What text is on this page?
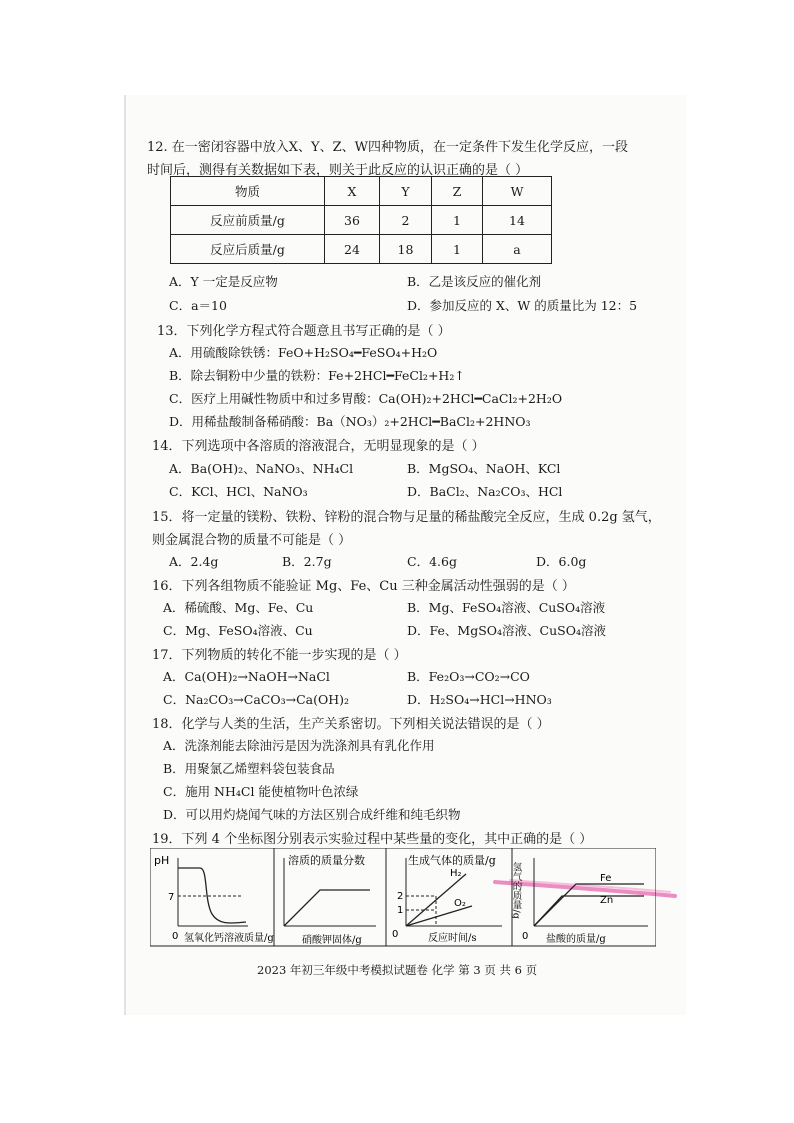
12. 在一密闭容器中放入X、Y、Z、W四种物质，在一定条件下发生化学反应，一段
时间后，测得有关数据如下表，则关于此反应的认识正确的是（ ）
物质	X	Y	Z	W
反应前质量/g	36	2	1	14
反应后质量/g	24	18	1	a
A．Y 一定是反应物	B．乙是该反应的催化剂
C．a＝10	D．参加反应的 X、W 的质量比为 12：5
13．下列化学方程式符合题意且书写正确的是（ ）
A．用硫酸除铁锈：FeO+H₂SO₄━FeSO₄+H₂O
B．除去铜粉中少量的铁粉：Fe+2HCl━FeCl₂+H₂↑
C．医疗上用碱性物质中和过多胃酸：Ca(OH)₂+2HCl━CaCl₂+2H₂O
D．用稀盐酸制备稀硝酸：Ba（NO₃）₂+2HCl━BaCl₂+2HNO₃
14．下列选项中各溶质的溶液混合，无明显现象的是（ ）
A．Ba(OH)₂、NaNO₃、NH₄Cl	B．MgSO₄、NaOH、KCl
C．KCl、HCl、NaNO₃	D．BaCl₂、Na₂CO₃、HCl
15．将一定量的镁粉、铁粉、锌粉的混合物与足量的稀盐酸完全反应，生成 0.2g 氢气，
则金属混合物的质量不可能是（ ）
A．2.4g	B．2.7g	C．4.6g	D．6.0g
16．下列各组物质不能验证 Mg、Fe、Cu 三种金属活动性强弱的是（ ）
A．稀硫酸、Mg、Fe、Cu	B．Mg、FeSO₄溶液、CuSO₄溶液
C．Mg、FeSO₄溶液、Cu	D．Fe、MgSO₄溶液、CuSO₄溶液
17．下列物质的转化不能一步实现的是（ ）
A．Ca(OH)₂→NaOH→NaCl	B．Fe₂O₃→CO₂→CO
C．Na₂CO₃→CaCO₃→Ca(OH)₂	D．H₂SO₄→HCl→HNO₃
18．化学与人类的生活，生产关系密切。下列相关说法错误的是（ ）
A．洗涤剂能去除油污是因为洗涤剂具有乳化作用
B．用聚氯乙烯塑料袋包装食品
C．施用 NH₄Cl 能使植物叶色浓绿
D．可以用灼烧闻气味的方法区别合成纤维和纯毛织物
19．下列 4 个坐标图分别表示实验过程中某些量的变化，其中正确的是（ ）
pH
7
0 氢氧化钙溶液质量/g
溶质的质量分数
硝酸钾固体/g
生成气体的质量/g
H₂
O₂
2
1
0	反应时间/s
氢气的质量/g	Fe
Zn
0 盐酸的质量/g
2023 年初三年级中考模拟试题卷 化学 第 3 页 共 6 页
